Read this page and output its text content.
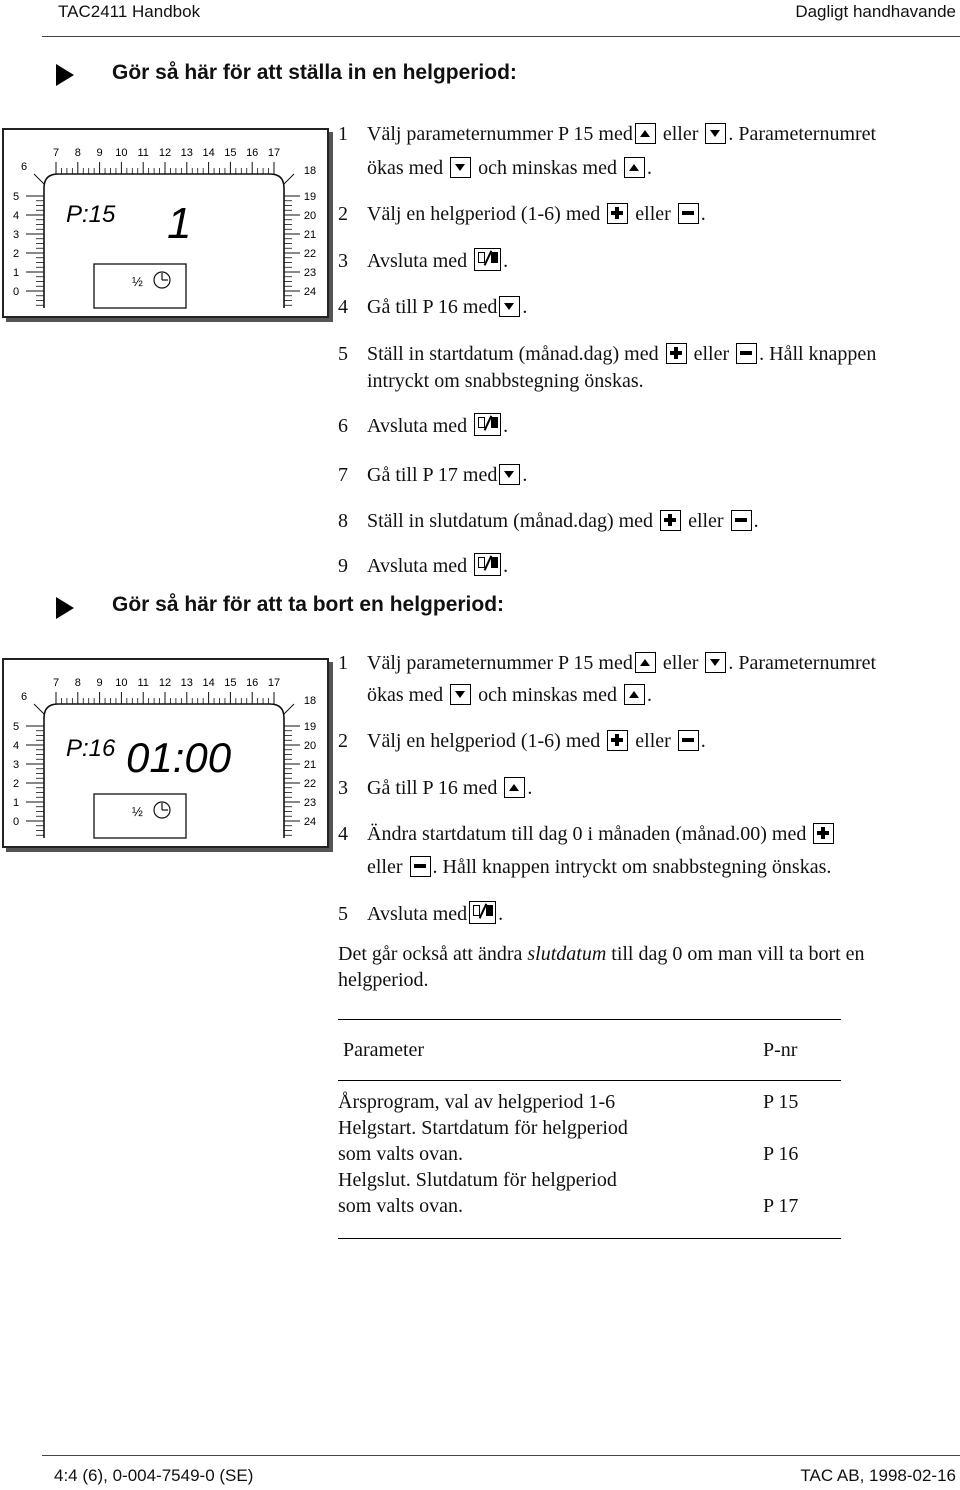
TAC2411 Handbok	Dagligt handhavande
Gör så här för att ställa in en helgperiod:
7 8 9 10 11 12 13 14 15 16 17
6
5
4
3
2
1
0
18
19
20
21
22
23
24
P:15 1
½
1 Välj parameternummer P 15 med eller . Parameternumret
ökas med och minskas med .
2 Välj en helgperiod (1-6) med eller .
3 Avsluta med .
4 Gå till P 16 med .
5 Ställ in startdatum (månad.dag) med eller . Håll knappen
intryckt om snabbstegning önskas.
6 Avsluta med .
7 Gå till P 17 med .
8 Ställ in slutdatum (månad.dag) med eller .
9 Avsluta med .
Gör så här för att ta bort en helgperiod:
7 8 9 10 11 12 13 14 15 16 17
6
5
4
3
2
1
0
18
19
20
21
22
23
24
P:16 01:00
½
1 Välj parameternummer P 15 med eller . Parameternumret
ökas med och minskas med .
2 Välj en helgperiod (1-6) med eller .
3 Gå till P 16 med .
4 Ändra startdatum till dag 0 i månaden (månad.00) med
eller . Håll knappen intryckt om snabbstegning önskas.
5 Avsluta med .
Det går också att ändra slutdatum till dag 0 om man vill ta bort en
helgperiod.
Parameter	P-nr
Årsprogram, val av helgperiod 1-6	P 15
Helgstart. Startdatum för helgperiod
som valts ovan.	P 16
Helgslut. Slutdatum för helgperiod
som valts ovan.	P 17
4:4 (6), 0-004-7549-0 (SE)	TAC AB, 1998-02-16
